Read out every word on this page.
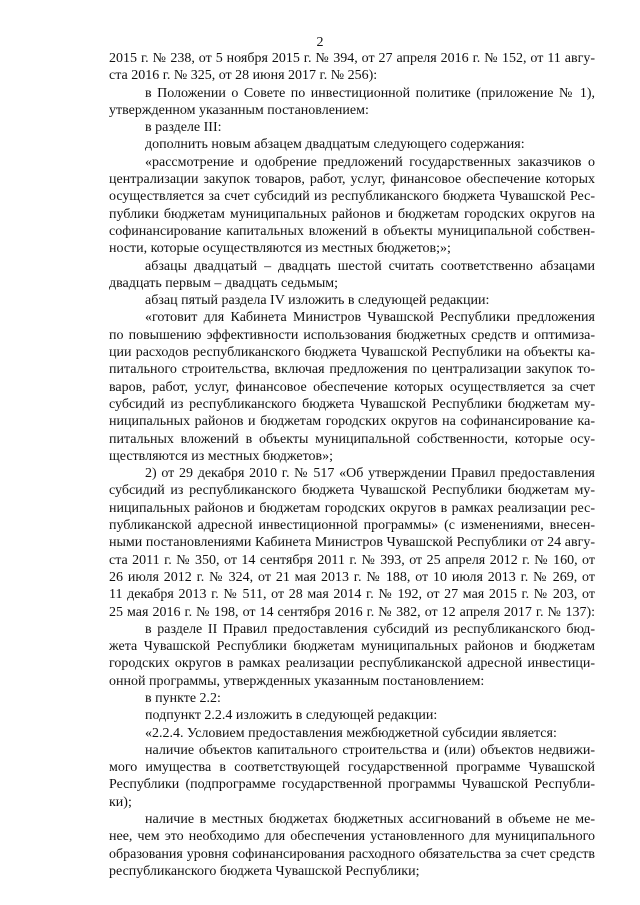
2
2015 г. № 238, от 5 ноября 2015 г. № 394, от 27 апреля 2016 г. № 152, от 11 авгу-
ста 2016 г. № 325, от 28 июня 2017 г. № 256):
в Положении о Совете по инвестиционной политике (приложение № 1),
утвержденном указанным постановлением:
в разделе III:
дополнить новым абзацем двадцатым следующего содержания:
«рассмотрение и одобрение предложений государственных заказчиков о
централизации закупок товаров, работ, услуг, финансовое обеспечение которых
осуществляется за счет субсидий из республиканского бюджета Чувашской Рес-
публики бюджетам муниципальных районов и бюджетам городских округов на
софинансирование капитальных вложений в объекты муниципальной собствен-
ности, которые осуществляются из местных бюджетов;»;
абзацы двадцатый – двадцать шестой считать соответственно абзацами
двадцать первым – двадцать седьмым;
абзац пятый раздела IV изложить в следующей редакции:
«готовит для Кабинета Министров Чувашской Республики предложения
по повышению эффективности использования бюджетных средств и оптимиза-
ции расходов республиканского бюджета Чувашской Республики на объекты ка-
питального строительства, включая предложения по централизации закупок то-
варов, работ, услуг, финансовое обеспечение которых осуществляется за счет
субсидий из республиканского бюджета Чувашской Республики бюджетам му-
ниципальных районов и бюджетам городских округов на софинансирование ка-
питальных вложений в объекты муниципальной собственности, которые осу-
ществляются из местных бюджетов»;
2) от 29 декабря 2010 г. № 517 «Об утверждении Правил предоставления
субсидий из республиканского бюджета Чувашской Республики бюджетам му-
ниципальных районов и бюджетам городских округов в рамках реализации рес-
публиканской адресной инвестиционной программы» (с изменениями, внесен-
ными постановлениями Кабинета Министров Чувашской Республики от 24 авгу-
ста 2011 г. № 350, от 14 сентября 2011 г. № 393, от 25 апреля 2012 г. № 160, от
26 июля 2012 г. № 324, от 21 мая 2013 г. № 188, от 10 июля 2013 г. № 269, от
11 декабря 2013 г. № 511, от 28 мая 2014 г. № 192, от 27 мая 2015 г. № 203, от
25 мая 2016 г. № 198, от 14 сентября 2016 г. № 382, от 12 апреля 2017 г. № 137):
в разделе II Правил предоставления субсидий из республиканского бюд-
жета Чувашской Республики бюджетам муниципальных районов и бюджетам
городских округов в рамках реализации республиканской адресной инвестици-
онной программы, утвержденных указанным постановлением:
в пункте 2.2:
подпункт 2.2.4 изложить в следующей редакции:
«2.2.4. Условием предоставления межбюджетной субсидии является:
наличие объектов капитального строительства и (или) объектов недвижи-
мого имущества в соответствующей государственной программе Чувашской
Республики (подпрограмме государственной программы Чувашской Республи-
ки);
наличие в местных бюджетах бюджетных ассигнований в объеме не ме-
нее, чем это необходимо для обеспечения установленного для муниципального
образования уровня софинансирования расходного обязательства за счет средств
республиканского бюджета Чувашской Республики;
